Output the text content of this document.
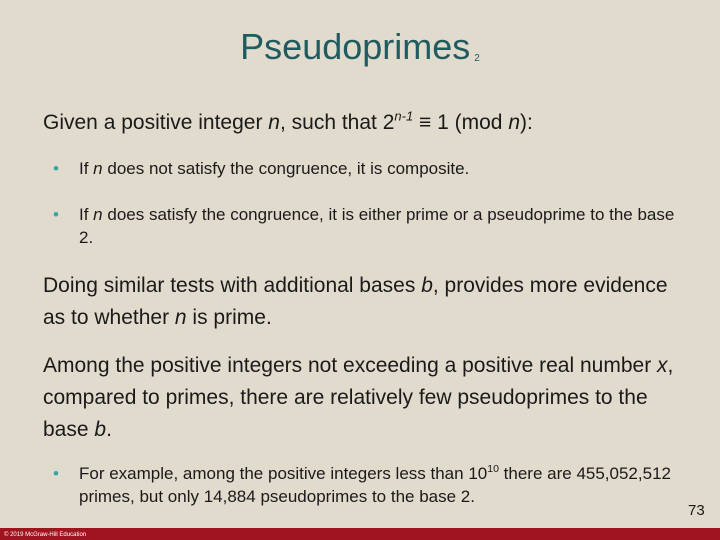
Pseudoprimes $_2$
Given a positive integer n, such that $2^{n-1} \equiv 1$ (mod n):
• If n does not satisfy the congruence, it is composite.
• If n does satisfy the congruence, it is either prime or a pseudoprime to the base 2.
Doing similar tests with additional bases b, provides more evidence as to whether n is prime.
Among the positive integers not exceeding a positive real number x, compared to primes, there are relatively few pseudoprimes to the base b.
• For example, among the positive integers less than $10^{10}$ there are 455,052,512 primes, but only 14,884 pseudoprimes to the base 2.
73
© 2019 McGraw-Hill Education
